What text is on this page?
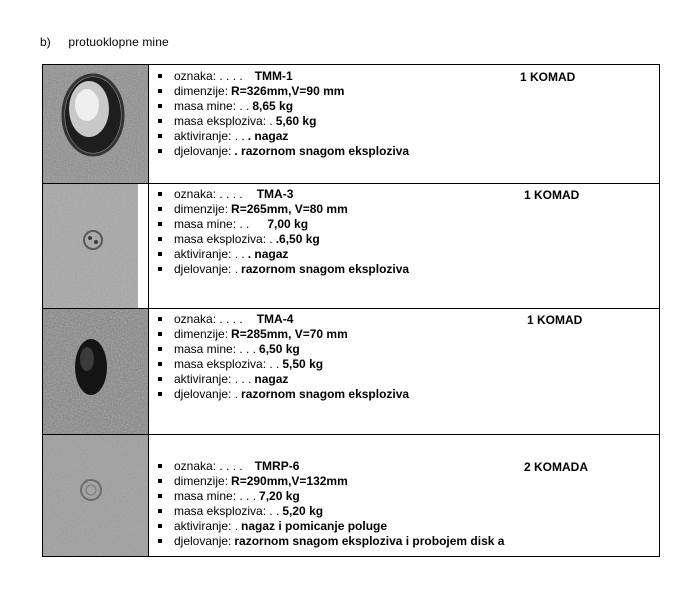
b) protuoklopne mine
oznaka: . . . . TMM-1
dimenzije: R=326mm,V=90 mm
masa mine: . . 8,65 kg
masa eksploziva: . 5,60 kg
aktiviranje: . . . nagaz
djelovanje: . razornom snagom eksploziva
1 KOMAD
oznaka: . . . . TMA-3
dimenzije: R=265mm, V=80 mm
masa mine: . . 7,00 kg
masa eksploziva: . .6,50 kg
aktiviranje: . . . nagaz
djelovanje: . razornom snagom eksploziva
1 KOMAD
oznaka: . . . . TMA-4
dimenzije: R=285mm, V=70 mm
masa mine: . . . 6,50 kg
masa eksploziva: . . 5,50 kg
aktiviranje: . . . nagaz
djelovanje: . razornom snagom eksploziva
1 KOMAD
oznaka: . . . . TMRP-6
dimenzije: R=290mm,V=132mm
masa mine: . . . 7,20 kg
masa eksploziva: . . 5,20 kg
aktiviranje: . nagaz i pomicanje poluge
djelovanje: razornom snagom eksploziva i probojem disk a
2 KOMADA
